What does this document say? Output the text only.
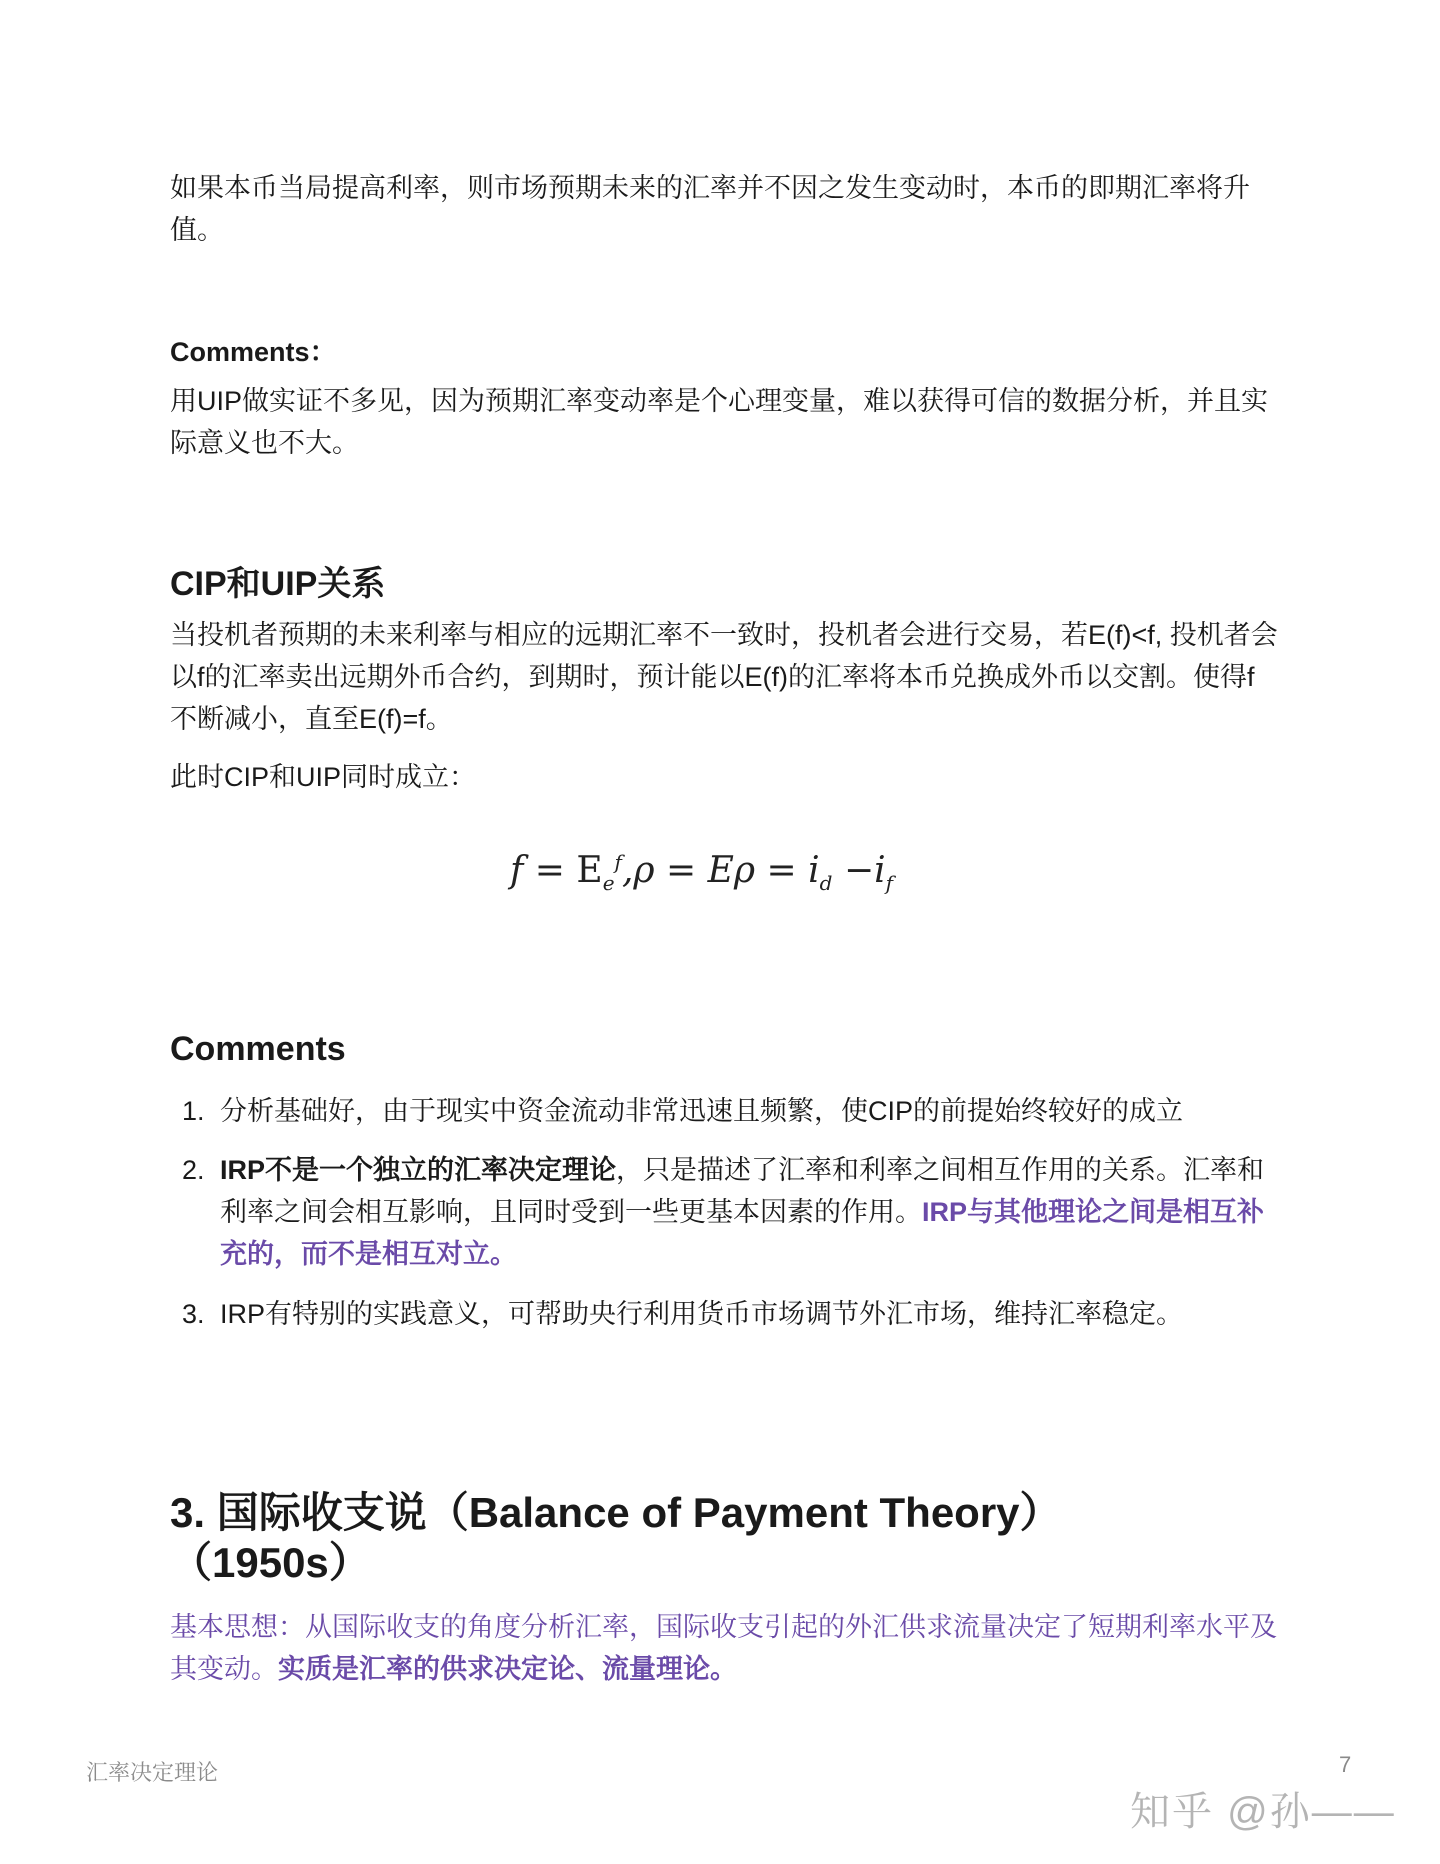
如果本币当局提高利率，则市场预期未来的汇率并不因之发生变动时，本币的即期汇率将升值。
Comments：
用UIP做实证不多见，因为预期汇率变动率是个心理变量，难以获得可信的数据分析，并且实际意义也不大。
CIP和UIP关系
当投机者预期的未来利率与相应的远期汇率不一致时，投机者会进行交易，若E(f)<f, 投机者会以f的汇率卖出远期外币合约，到期时，预计能以E(f)的汇率将本币兑换成外币以交割。使得f不断减小，直至E(f)=f。
此时CIP和UIP同时成立：
$f = E_e^f,\rho = E\rho = i_d -i_f$
Comments
1. 分析基础好，由于现实中资金流动非常迅速且频繁，使CIP的前提始终较好的成立
2. IRP不是一个独立的汇率决定理论，只是描述了汇率和利率之间相互作用的关系。汇率和利率之间会相互影响，且同时受到一些更基本因素的作用。IRP与其他理论之间是相互补充的，而不是相互对立。
3. IRP有特别的实践意义，可帮助央行利用货币市场调节外汇市场，维持汇率稳定。
3. 国际收支说（Balance of Payment Theory）
（1950s）
基本思想：从国际收支的角度分析汇率，国际收支引起的外汇供求流量决定了短期利率水平及其变动。实质是汇率的供求决定论、流量理论。
汇率决定理论	7
知乎 @孙——
